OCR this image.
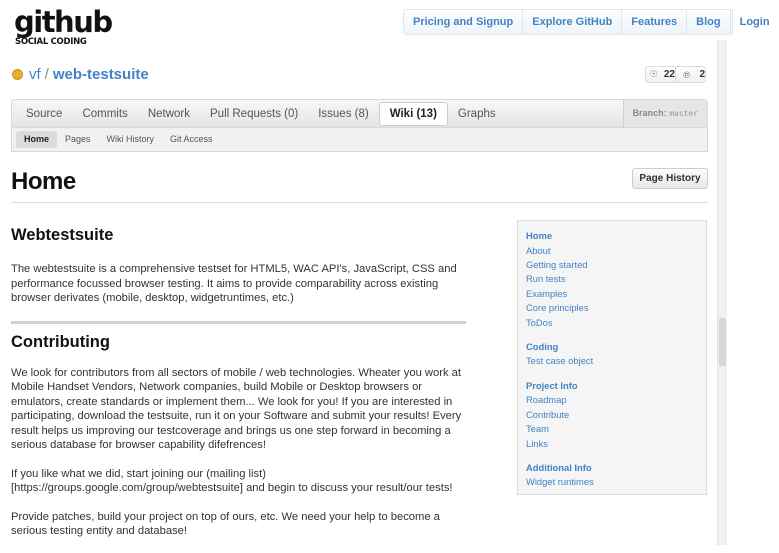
github
SOCIAL CODING
Pricing and Signup	Explore GitHub	Features	Blog	Login
vf / web-testsuite	☉ 22 ℗ 2
Source	Commits	Network	Pull Requests (0)	Issues (8)	Wiki (13)	Graphs	Branch: master
Home	Pages	Wiki History	Git Access
Home	Page History
Webtestsuite

The webtestsuite is a comprehensive testset for HTML5, WAC API's, JavaScript, CSS and performance focussed browser testing. It aims to provide comparability across existing browser derivates (mobile, desktop, widgetruntimes, etc.)

Contributing

We look for contributors from all sectors of mobile / web technologies. Wheater you work at Mobile Handset Vendors, Network companies, build Mobile or Desktop browsers or emulators, create standards or implement them... We look for you! If you are interested in participating, download the testsuite, run it on your Software and submit your results! Every result helps us improving our testcoverage and brings us one step forward in becoming a serious database for browser capability difefrences!

If you like what we did, start joining our (mailing list)[https://groups.google.com/group/webtestsuite] and begin to discuss your result/our tests!

Provide patches, build your project on top of ours, etc. We need your help to become a serious testing entity and database!

Home
About
Getting started
Run tests
Examples
Core principles
ToDos
Coding
Test case object
Project Info
Roadmap
Contribute
Team
Links
Additional Info
Widget runtimes
